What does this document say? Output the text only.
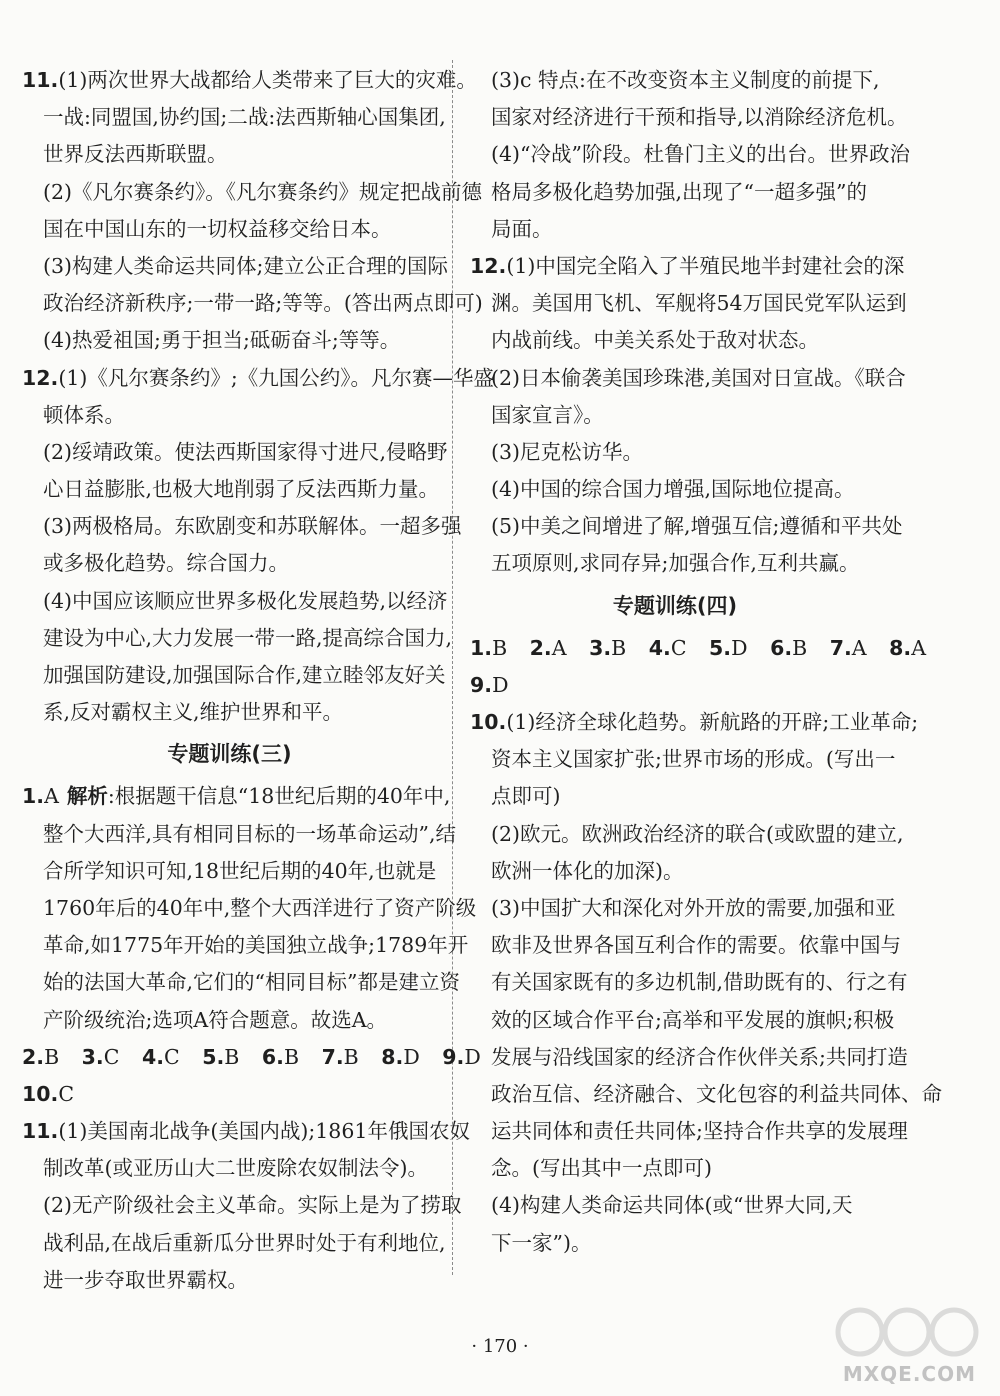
11.(1)两次世界大战都给人类带来了巨大的灾难。
一战:同盟国,协约国;二战:法西斯轴心国集团,
世界反法西斯联盟。
(2)《凡尔赛条约》。《凡尔赛条约》规定把战前德
国在中国山东的一切权益移交给日本。
(3)构建人类命运共同体;建立公正合理的国际
政治经济新秩序;一带一路;等等。(答出两点即可)
(4)热爱祖国;勇于担当;砥砺奋斗;等等。
12.(1)《凡尔赛条约》;《九国公约》。凡尔赛—华盛
顿体系。
(2)绥靖政策。使法西斯国家得寸进尺,侵略野
心日益膨胀,也极大地削弱了反法西斯力量。
(3)两极格局。东欧剧变和苏联解体。一超多强
或多极化趋势。综合国力。
(4)中国应该顺应世界多极化发展趋势,以经济
建设为中心,大力发展一带一路,提高综合国力,
加强国防建设,加强国际合作,建立睦邻友好关
系,反对霸权主义,维护世界和平。
专题训练(三)
1.A 解析:根据题干信息“18世纪后期的40年中,
整个大西洋,具有相同目标的一场革命运动”,结
合所学知识可知,18世纪后期的40年,也就是
1760年后的40年中,整个大西洋进行了资产阶级
革命,如1775年开始的美国独立战争;1789年开
始的法国大革命,它们的“相同目标”都是建立资
产阶级统治;选项A符合题意。故选A。
2.B 3.C 4.C 5.B 6.B 7.B 8.D 9.D
10.C
11.(1)美国南北战争(美国内战);1861年俄国农奴
制改革(或亚历山大二世废除农奴制法令)。
(2)无产阶级社会主义革命。实际上是为了捞取
战利品,在战后重新瓜分世界时处于有利地位,
进一步夺取世界霸权。
(3)c 特点:在不改变资本主义制度的前提下,
国家对经济进行干预和指导,以消除经济危机。
(4)“冷战”阶段。杜鲁门主义的出台。世界政治
格局多极化趋势加强,出现了“一超多强”的
局面。
12.(1)中国完全陷入了半殖民地半封建社会的深
渊。美国用飞机、军舰将54万国民党军队运到
内战前线。中美关系处于敌对状态。
(2)日本偷袭美国珍珠港,美国对日宣战。《联合
国家宣言》。
(3)尼克松访华。
(4)中国的综合国力增强,国际地位提高。
(5)中美之间增进了解,增强互信;遵循和平共处
五项原则,求同存异;加强合作,互利共赢。
专题训练(四)
1.B 2.A 3.B 4.C 5.D 6.B 7.A 8.A
9.D
10.(1)经济全球化趋势。新航路的开辟;工业革命;
资本主义国家扩张;世界市场的形成。(写出一
点即可)
(2)欧元。欧洲政治经济的联合(或欧盟的建立,
欧洲一体化的加深)。
(3)中国扩大和深化对外开放的需要,加强和亚
欧非及世界各国互利合作的需要。依靠中国与
有关国家既有的多边机制,借助既有的、行之有
效的区域合作平台;高举和平发展的旗帜;积极
发展与沿线国家的经济合作伙伴关系;共同打造
政治互信、经济融合、文化包容的利益共同体、命
运共同体和责任共同体;坚持合作共享的发展理
念。(写出其中一点即可)
(4)构建人类命运共同体(或“世界大同,天
下一家”)。
· 170 ·
MXQE.COM
